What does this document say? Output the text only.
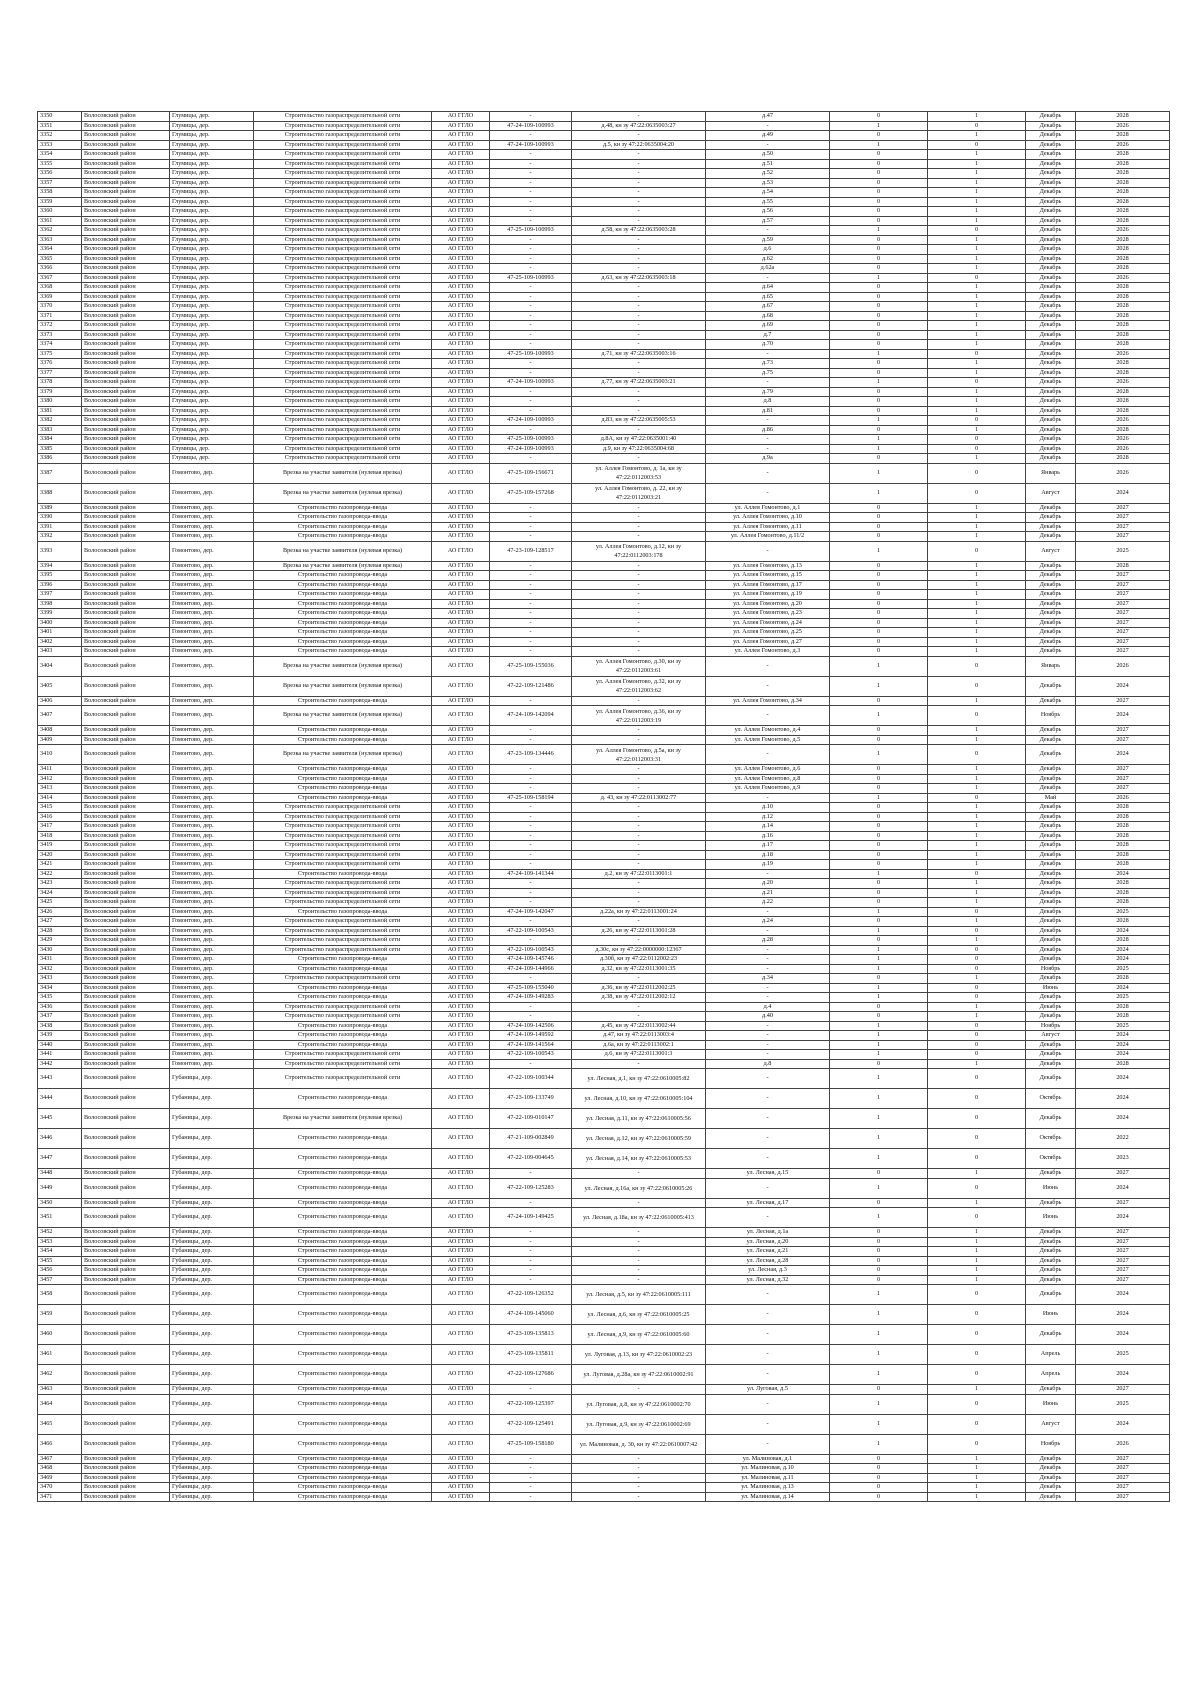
3350	Волосовский район	Глумицы, дер.	Строительство газораспределительной сети	АО ГГЛО	-	-	д.47	0	1	Декабрь	2028
3351	Волосовский район	Глумицы, дер.	Строительство газораспределительной сети	АО ГГЛО	47-24-109-100993	д.48, кн зу 47:22:0635003:27	-	1	0	Декабрь	2026
3352	Волосовский район	Глумицы, дер.	Строительство газораспределительной сети	АО ГГЛО	-	-	д.49	0	1	Декабрь	2028
3353	Волосовский район	Глумицы, дер.	Строительство газораспределительной сети	АО ГГЛО	47-24-109-100993	д.5, кн зу 47:22:0635004:20	-	1	0	Декабрь	2026
3354	Волосовский район	Глумицы, дер.	Строительство газораспределительной сети	АО ГГЛО	-	-	д.50	0	1	Декабрь	2028
3355	Волосовский район	Глумицы, дер.	Строительство газораспределительной сети	АО ГГЛО	-	-	д.51	0	1	Декабрь	2028
3356	Волосовский район	Глумицы, дер.	Строительство газораспределительной сети	АО ГГЛО	-	-	д.52	0	1	Декабрь	2028
3357	Волосовский район	Глумицы, дер.	Строительство газораспределительной сети	АО ГГЛО	-	-	д.53	0	1	Декабрь	2028
3358	Волосовский район	Глумицы, дер.	Строительство газораспределительной сети	АО ГГЛО	-	-	д.54	0	1	Декабрь	2028
3359	Волосовский район	Глумицы, дер.	Строительство газораспределительной сети	АО ГГЛО	-	-	д.55	0	1	Декабрь	2028
3360	Волосовский район	Глумицы, дер.	Строительство газораспределительной сети	АО ГГЛО	-	-	д.56	0	1	Декабрь	2028
3361	Волосовский район	Глумицы, дер.	Строительство газораспределительной сети	АО ГГЛО	-	-	д.57	0	1	Декабрь	2028
3362	Волосовский район	Глумицы, дер.	Строительство газораспределительной сети	АО ГГЛО	47-25-109-100993	д.58, кн зу 47:22:0635003:28	-	1	0	Декабрь	2026
3363	Волосовский район	Глумицы, дер.	Строительство газораспределительной сети	АО ГГЛО	-	-	д.59	0	1	Декабрь	2028
3364	Волосовский район	Глумицы, дер.	Строительство газораспределительной сети	АО ГГЛО	-	-	д.6	0	1	Декабрь	2028
3365	Волосовский район	Глумицы, дер.	Строительство газораспределительной сети	АО ГГЛО	-	-	д.62	0	1	Декабрь	2028
3366	Волосовский район	Глумицы, дер.	Строительство газораспределительной сети	АО ГГЛО	-	-	д.62а	0	1	Декабрь	2028
3367	Волосовский район	Глумицы, дер.	Строительство газораспределительной сети	АО ГГЛО	47-25-109-100993	д.63, кн зу 47:22:0635003:18	-	1	0	Декабрь	2026
3368	Волосовский район	Глумицы, дер.	Строительство газораспределительной сети	АО ГГЛО	-	-	д.64	0	1	Декабрь	2028
3369	Волосовский район	Глумицы, дер.	Строительство газораспределительной сети	АО ГГЛО	-	-	д.65	0	1	Декабрь	2028
3370	Волосовский район	Глумицы, дер.	Строительство газораспределительной сети	АО ГГЛО	-	-	д.67	0	1	Декабрь	2028
3371	Волосовский район	Глумицы, дер.	Строительство газораспределительной сети	АО ГГЛО	-	-	д.68	0	1	Декабрь	2028
3372	Волосовский район	Глумицы, дер.	Строительство газораспределительной сети	АО ГГЛО	-	-	д.69	0	1	Декабрь	2028
3373	Волосовский район	Глумицы, дер.	Строительство газораспределительной сети	АО ГГЛО	-	-	д.7	0	1	Декабрь	2028
3374	Волосовский район	Глумицы, дер.	Строительство газораспределительной сети	АО ГГЛО	-	-	д.70	0	1	Декабрь	2028
3375	Волосовский район	Глумицы, дер.	Строительство газораспределительной сети	АО ГГЛО	47-25-109-100993	д.71, кн зу 47:22:0635003:16	-	1	0	Декабрь	2026
3376	Волосовский район	Глумицы, дер.	Строительство газораспределительной сети	АО ГГЛО	-	-	д.73	0	1	Декабрь	2028
3377	Волосовский район	Глумицы, дер.	Строительство газораспределительной сети	АО ГГЛО	-	-	д.75	0	1	Декабрь	2028
3378	Волосовский район	Глумицы, дер.	Строительство газораспределительной сети	АО ГГЛО	47-24-109-100993	д.77, кн зу 47:22:0635003:21	-	1	0	Декабрь	2026
3379	Волосовский район	Глумицы, дер.	Строительство газораспределительной сети	АО ГГЛО	-	-	д.79	0	1	Декабрь	2028
3380	Волосовский район	Глумицы, дер.	Строительство газораспределительной сети	АО ГГЛО	-	-	д.8	0	1	Декабрь	2028
3381	Волосовский район	Глумицы, дер.	Строительство газораспределительной сети	АО ГГЛО	-	-	д.81	0	1	Декабрь	2028
3382	Волосовский район	Глумицы, дер.	Строительство газораспределительной сети	АО ГГЛО	47-24-109-100993	д.83, кн зу 47:22:0635005:53	-	1	0	Декабрь	2026
3383	Волосовский район	Глумицы, дер.	Строительство газораспределительной сети	АО ГГЛО	-	-	д.86	0	1	Декабрь	2028
3384	Волосовский район	Глумицы, дер.	Строительство газораспределительной сети	АО ГГЛО	47-25-109-100993	д.8А, кн зу 47:22:0635001:40	-	1	0	Декабрь	2026
3385	Волосовский район	Глумицы, дер.	Строительство газораспределительной сети	АО ГГЛО	47-24-109-100993	д.9, кн зу 47:22:0635004:68	-	1	0	Декабрь	2026
3386	Волосовский район	Глумицы, дер.	Строительство газораспределительной сети	АО ГГЛО	-	-	д.9а	0	1	Декабрь	2028
3387	Волосовский район	Гомонтово, дер.	Врезка на участке заявителя (нулевая врезка)	АО ГГЛО	47-25-109-156671	ул. Аллея Гомонтово, д. 1а, кн зу 47:22:0112003:53	-	1	0	Январь	2026
3388	Волосовский район	Гомонтово, дер.	Врезка на участке заявителя (нулевая врезка)	АО ГГЛО	47-25-109-157268	ул. Аллея Гомонтово, д. 22, кн зу 47:22:0112003:21	-	1	0	Август	2024
3389	Волосовский район	Гомонтово, дер.	Строительство газопровода-ввода	АО ГГЛО	-	-	ул. Аллея Гомонтово, д.1	0	1	Декабрь	2027
3390	Волосовский район	Гомонтово, дер.	Строительство газопровода-ввода	АО ГГЛО	-	-	ул. Аллея Гомонтово, д.10	0	1	Декабрь	2027
3391	Волосовский район	Гомонтово, дер.	Строительство газопровода-ввода	АО ГГЛО	-	-	ул. Аллея Гомонтово, д.11	0	1	Декабрь	2027
3392	Волосовский район	Гомонтово, дер.	Строительство газопровода-ввода	АО ГГЛО	-	-	ул. Аллея Гомонтово, д.11/2	0	1	Декабрь	2027
3393	Волосовский район	Гомонтово, дер.	Врезка на участке заявителя (нулевая врезка)	АО ГГЛО	47-23-109-128517	ул. Аллея Гомонтово, д.12, кн зу 47:22:0112003:178	-	1	0	Август	2025
3394	Волосовский район	Гомонтово, дер.	Врезка на участке заявителя (нулевая врезка)	АО ГГЛО	-	-	ул. Аллея Гомонтово, д.13	0	1	Декабрь	2028
3395	Волосовский район	Гомонтово, дер.	Строительство газопровода-ввода	АО ГГЛО	-	-	ул. Аллея Гомонтово, д.15	0	1	Декабрь	2027
3396	Волосовский район	Гомонтово, дер.	Строительство газопровода-ввода	АО ГГЛО	-	-	ул. Аллея Гомонтово, д.17	0	1	Декабрь	2027
3397	Волосовский район	Гомонтово, дер.	Строительство газопровода-ввода	АО ГГЛО	-	-	ул. Аллея Гомонтово, д.19	0	1	Декабрь	2027
3398	Волосовский район	Гомонтово, дер.	Строительство газопровода-ввода	АО ГГЛО	-	-	ул. Аллея Гомонтово, д.20	0	1	Декабрь	2027
3399	Волосовский район	Гомонтово, дер.	Строительство газопровода-ввода	АО ГГЛО	-	-	ул. Аллея Гомонтово, д.23	0	1	Декабрь	2027
3400	Волосовский район	Гомонтово, дер.	Строительство газопровода-ввода	АО ГГЛО	-	-	ул. Аллея Гомонтово, д.24	0	1	Декабрь	2027
3401	Волосовский район	Гомонтово, дер.	Строительство газопровода-ввода	АО ГГЛО	-	-	ул. Аллея Гомонтово, д.25	0	1	Декабрь	2027
3402	Волосовский район	Гомонтово, дер.	Строительство газопровода-ввода	АО ГГЛО	-	-	ул. Аллея Гомонтово, д.27	0	1	Декабрь	2027
3403	Волосовский район	Гомонтово, дер.	Строительство газопровода-ввода	АО ГГЛО	-	-	ул. Аллея Гомонтово, д.3	0	1	Декабрь	2027
3404	Волосовский район	Гомонтово, дер.	Врезка на участке заявителя (нулевая врезка)	АО ГГЛО	47-25-109-155036	ул. Аллея Гомонтово, д.30, кн зу 47:22:0112003:61	-	1	0	Январь	2026
3405	Волосовский район	Гомонтово, дер.	Врезка на участке заявителя (нулевая врезка)	АО ГГЛО	47-22-109-121486	ул. Аллея Гомонтово, д.32, кн зу 47:22:0112003:62	-	1	0	Декабрь	2024
3406	Волосовский район	Гомонтово, дер.	Строительство газопровода-ввода	АО ГГЛО	-	-	ул. Аллея Гомонтово, д.34	0	1	Декабрь	2027
3407	Волосовский район	Гомонтово, дер.	Врезка на участке заявителя (нулевая врезка)	АО ГГЛО	47-24-109-142094	ул. Аллея Гомонтово, д.36, кн зу 47:22:0112003:19	-	1	0	Ноябрь	2024
3408	Волосовский район	Гомонтово, дер.	Строительство газопровода-ввода	АО ГГЛО	-	-	ул. Аллея Гомонтово, д.4	0	1	Декабрь	2027
3409	Волосовский район	Гомонтово, дер.	Строительство газопровода-ввода	АО ГГЛО	-	-	ул. Аллея Гомонтово, д.5	0	1	Декабрь	2027
3410	Волосовский район	Гомонтово, дер.	Врезка на участке заявителя (нулевая врезка)	АО ГГЛО	47-23-109-134446	ул. Аллея Гомонтово, д.5а, кн зу 47:22:0112003:31	-	1	0	Декабрь	2024
3411	Волосовский район	Гомонтово, дер.	Строительство газопровода-ввода	АО ГГЛО	-	-	ул. Аллея Гомонтово, д.6	0	1	Декабрь	2027
3412	Волосовский район	Гомонтово, дер.	Строительство газопровода-ввода	АО ГГЛО	-	-	ул. Аллея Гомонтово, д.8	0	1	Декабрь	2027
3413	Волосовский район	Гомонтово, дер.	Строительство газопровода-ввода	АО ГГЛО	-	-	ул. Аллея Гомонтово, д.9	0	1	Декабрь	2027
3414	Волосовский район	Гомонтово, дер.	Строительство газопровода-ввода	АО ГГЛО	47-25-109-158194	д. 43, кн зу 47:22:0113002:77	-	1	0	Май	2026
3415	Волосовский район	Гомонтово, дер.	Строительство газораспределительной сети	АО ГГЛО	-	-	д.10	0	1	Декабрь	2028
3416	Волосовский район	Гомонтово, дер.	Строительство газораспределительной сети	АО ГГЛО	-	-	д.12	0	1	Декабрь	2028
3417	Волосовский район	Гомонтово, дер.	Строительство газораспределительной сети	АО ГГЛО	-	-	д.14	0	1	Декабрь	2028
3418	Волосовский район	Гомонтово, дер.	Строительство газораспределительной сети	АО ГГЛО	-	-	д.16	0	1	Декабрь	2028
3419	Волосовский район	Гомонтово, дер.	Строительство газораспределительной сети	АО ГГЛО	-	-	д.17	0	1	Декабрь	2028
3420	Волосовский район	Гомонтово, дер.	Строительство газораспределительной сети	АО ГГЛО	-	-	д.18	0	1	Декабрь	2028
3421	Волосовский район	Гомонтово, дер.	Строительство газораспределительной сети	АО ГГЛО	-	-	д.19	0	1	Декабрь	2028
3422	Волосовский район	Гомонтово, дер.	Строительство газопровода-ввода	АО ГГЛО	47-24-109-141344	д.2, кн зу 47:22:0113001:1	-	1	0	Декабрь	2024
3423	Волосовский район	Гомонтово, дер.	Строительство газораспределительной сети	АО ГГЛО	-	-	д.20	0	1	Декабрь	2028
3424	Волосовский район	Гомонтово, дер.	Строительство газораспределительной сети	АО ГГЛО	-	-	д.21	0	1	Декабрь	2028
3425	Волосовский район	Гомонтово, дер.	Строительство газораспределительной сети	АО ГГЛО	-	-	д.22	0	1	Декабрь	2028
3426	Волосовский район	Гомонтово, дер.	Строительство газопровода-ввода	АО ГГЛО	47-24-109-142047	д.22а, кн зу 47:22:0113001:24	-	1	0	Декабрь	2025
3427	Волосовский район	Гомонтово, дер.	Строительство газораспределительной сети	АО ГГЛО	-	-	д.24	0	1	Декабрь	2028
3428	Волосовский район	Гомонтово, дер.	Строительство газораспределительной сети	АО ГГЛО	47-22-109-100543	д.26, кн зу 47:22:0113001:28	-	1	0	Декабрь	2024
3429	Волосовский район	Гомонтово, дер.	Строительство газораспределительной сети	АО ГГЛО	-	-	д.28	0	1	Декабрь	2028
3430	Волосовский район	Гомонтово, дер.	Строительство газораспределительной сети	АО ГГЛО	47-22-109-100543	д.30с, кн зу 47:22:0000000:12367	-	1	0	Декабрь	2024
3431	Волосовский район	Гомонтово, дер.	Строительство газопровода-ввода	АО ГГЛО	47-24-109-145746	д.30б, кн зу 47:22:0112002:23	-	1	0	Декабрь	2024
3432	Волосовский район	Гомонтово, дер.	Строительство газопровода-ввода	АО ГГЛО	47-24-109-144966	д.32, кн зу 47:22:0113001:35	-	1	0	Ноябрь	2025
3433	Волосовский район	Гомонтово, дер.	Строительство газораспределительной сети	АО ГГЛО	-	-	д.34	0	1	Декабрь	2028
3434	Волосовский район	Гомонтово, дер.	Строительство газопровода-ввода	АО ГГЛО	47-25-109-155040	д.36, кн зу 47:22:0112002:25	-	1	0	Июнь	2024
3435	Волосовский район	Гомонтово, дер.	Строительство газопровода-ввода	АО ГГЛО	47-24-109-149283	д.38, кн зу 47:22:0112002:12	-	1	0	Декабрь	2025
3436	Волосовский район	Гомонтово, дер.	Строительство газораспределительной сети	АО ГГЛО	-	-	д.4	0	1	Декабрь	2028
3437	Волосовский район	Гомонтово, дер.	Строительство газораспределительной сети	АО ГГЛО	-	-	д.40	0	1	Декабрь	2028
3438	Волосовский район	Гомонтово, дер.	Строительство газопровода-ввода	АО ГГЛО	47-24-109-142506	д.45, кн зу 47:22:0113002:44	-	1	0	Ноябрь	2025
3439	Волосовский район	Гомонтово, дер.	Строительство газопровода-ввода	АО ГГЛО	47-24-109-149592	д.47, кн зу 47:22:0113003:4	-	1	0	Август	2024
3440	Волосовский район	Гомонтово, дер.	Строительство газопровода-ввода	АО ГГЛО	47-24-109-141564	д.6а, кн зу 47:22:0113002:1	-	1	0	Декабрь	2024
3441	Волосовский район	Гомонтово, дер.	Строительство газораспределительной сети	АО ГГЛО	47-22-109-100543	д.6, кн зу 47:22:0113001:3	-	1	0	Декабрь	2024
3442	Волосовский район	Гомонтово, дер.	Строительство газораспределительной сети	АО ГГЛО	-	-	д.8	0	1	Декабрь	2028
3443	Волосовский район	Губаницы, дер.	Строительство газораспределительной сети	АО ГГЛО	47-22-109-100344	ул. Лесная, д.1, кн зу 47:22:0610005:82	-	1	0	Декабрь	2024
3444	Волосовский район	Губаницы, дер.	Строительство газопровода-ввода	АО ГГЛО	47-23-109-133749	ул. Лесная, д.10, кн зу 47:22:0610005:104	-	1	0	Октябрь	2024
3445	Волосовский район	Губаницы, дер.	Врезка на участке заявителя (нулевая врезка)	АО ГГЛО	47-22-109-010147	ул. Лесная, д.11, кн зу 47:22:0610005:56	-	1	0	Декабрь	2024
3446	Волосовский район	Губаницы, дер.	Строительство газопровода-ввода	АО ГГЛО	47-21-109-002849	ул. Лесная, д.12, кн зу 47:22:0610005:59	-	1	0	Октябрь	2022
3447	Волосовский район	Губаницы, дер.	Строительство газопровода-ввода	АО ГГЛО	47-22-109-004645	ул. Лесная, д.14, кн зу 47:22:0610005:53	-	1	0	Октябрь	2023
3448	Волосовский район	Губаницы, дер.	Строительство газопровода-ввода	АО ГГЛО	-	-	ул. Лесная, д.15	0	1	Декабрь	2027
3449	Волосовский район	Губаницы, дер.	Строительство газопровода-ввода	АО ГГЛО	47-22-109-125283	ул. Лесная, д.16а, кн зу 47:22:0610005:26	-	1	0	Июнь	2024
3450	Волосовский район	Губаницы, дер.	Строительство газопровода-ввода	АО ГГЛО	-	-	ул. Лесная, д.17	0	1	Декабрь	2027
3451	Волосовский район	Губаницы, дер.	Строительство газопровода-ввода	АО ГГЛО	47-24-109-149425	ул. Лесная, д.18а, кн зу 47:22:0610005:413	-	1	0	Июнь	2024
3452	Волосовский район	Губаницы, дер.	Строительство газопровода-ввода	АО ГГЛО	-	-	ул. Лесная, д.1а	0	1	Декабрь	2027
3453	Волосовский район	Губаницы, дер.	Строительство газопровода-ввода	АО ГГЛО	-	-	ул. Лесная, д.20	0	1	Декабрь	2027
3454	Волосовский район	Губаницы, дер.	Строительство газопровода-ввода	АО ГГЛО	-	-	ул. Лесная, д.21	0	1	Декабрь	2027
3455	Волосовский район	Губаницы, дер.	Строительство газопровода-ввода	АО ГГЛО	-	-	ул. Лесная, д.28	0	1	Декабрь	2027
3456	Волосовский район	Губаницы, дер.	Строительство газопровода-ввода	АО ГГЛО	-	-	ул. Лесная, д.3	0	1	Декабрь	2027
3457	Волосовский район	Губаницы, дер.	Строительство газопровода-ввода	АО ГГЛО	-	-	ул. Лесная, д.32	0	1	Декабрь	2027
3458	Волосовский район	Губаницы, дер.	Строительство газопровода-ввода	АО ГГЛО	47-22-109-126352	ул. Лесная, д.5, кн зу 47:22:0610005:111	-	1	0	Декабрь	2024
3459	Волосовский район	Губаницы, дер.	Строительство газопровода-ввода	АО ГГЛО	47-24-109-145060	ул. Лесная, д.6, кн зу 47:22:0610005:25	-	1	0	Июнь	2024
3460	Волосовский район	Губаницы, дер.	Строительство газопровода-ввода	АО ГГЛО	47-23-109-135813	ул. Лесная, д.9, кн зу 47:22:0610005:60	-	1	0	Декабрь	2024
3461	Волосовский район	Губаницы, дер.	Строительство газопровода-ввода	АО ГГЛО	47-23-109-135811	ул. Луговая, д.13, кн зу 47:22:0610002:23	-	1	0	Апрель	2025
3462	Волосовский район	Губаницы, дер.	Строительство газопровода-ввода	АО ГГЛО	47-22-109-127686	ул. Луговая, д.28а, кн зу 47:22:0610002:91	-	1	0	Апрель	2024
3463	Волосовский район	Губаницы, дер.	Строительство газопровода-ввода	АО ГГЛО	-	-	ул. Луговая, д.5	0	1	Декабрь	2027
3464	Волосовский район	Губаницы, дер.	Строительство газопровода-ввода	АО ГГЛО	47-22-109-125397	ул. Луговая, д.8, кн зу 47:22:0610002:70	-	1	0	Июнь	2025
3465	Волосовский район	Губаницы, дер.	Строительство газопровода-ввода	АО ГГЛО	47-22-109-125491	ул. Луговая, д.9, кн зу 47:22:0610002:69	-	1	0	Август	2024
3466	Волосовский район	Губаницы, дер.	Строительство газопровода-ввода	АО ГГЛО	47-25-109-158180	ул. Малиновая, д. 30, кн зу 47:22:0610007:42	-	1	0	Ноябрь	2026
3467	Волосовский район	Губаницы, дер.	Строительство газопровода-ввода	АО ГГЛО	-	-	ул. Малиновая, д.1	0	1	Декабрь	2027
3468	Волосовский район	Губаницы, дер.	Строительство газопровода-ввода	АО ГГЛО	-	-	ул. Малиновая, д.10	0	1	Декабрь	2027
3469	Волосовский район	Губаницы, дер.	Строительство газопровода-ввода	АО ГГЛО	-	-	ул. Малиновая, д.11	0	1	Декабрь	2027
3470	Волосовский район	Губаницы, дер.	Строительство газопровода-ввода	АО ГГЛО	-	-	ул. Малиновая, д.13	0	1	Декабрь	2027
3471	Волосовский район	Губаницы, дер.	Строительство газопровода-ввода	АО ГГЛО	-	-	ул. Малиновая, д.14	0	1	Декабрь	2027
